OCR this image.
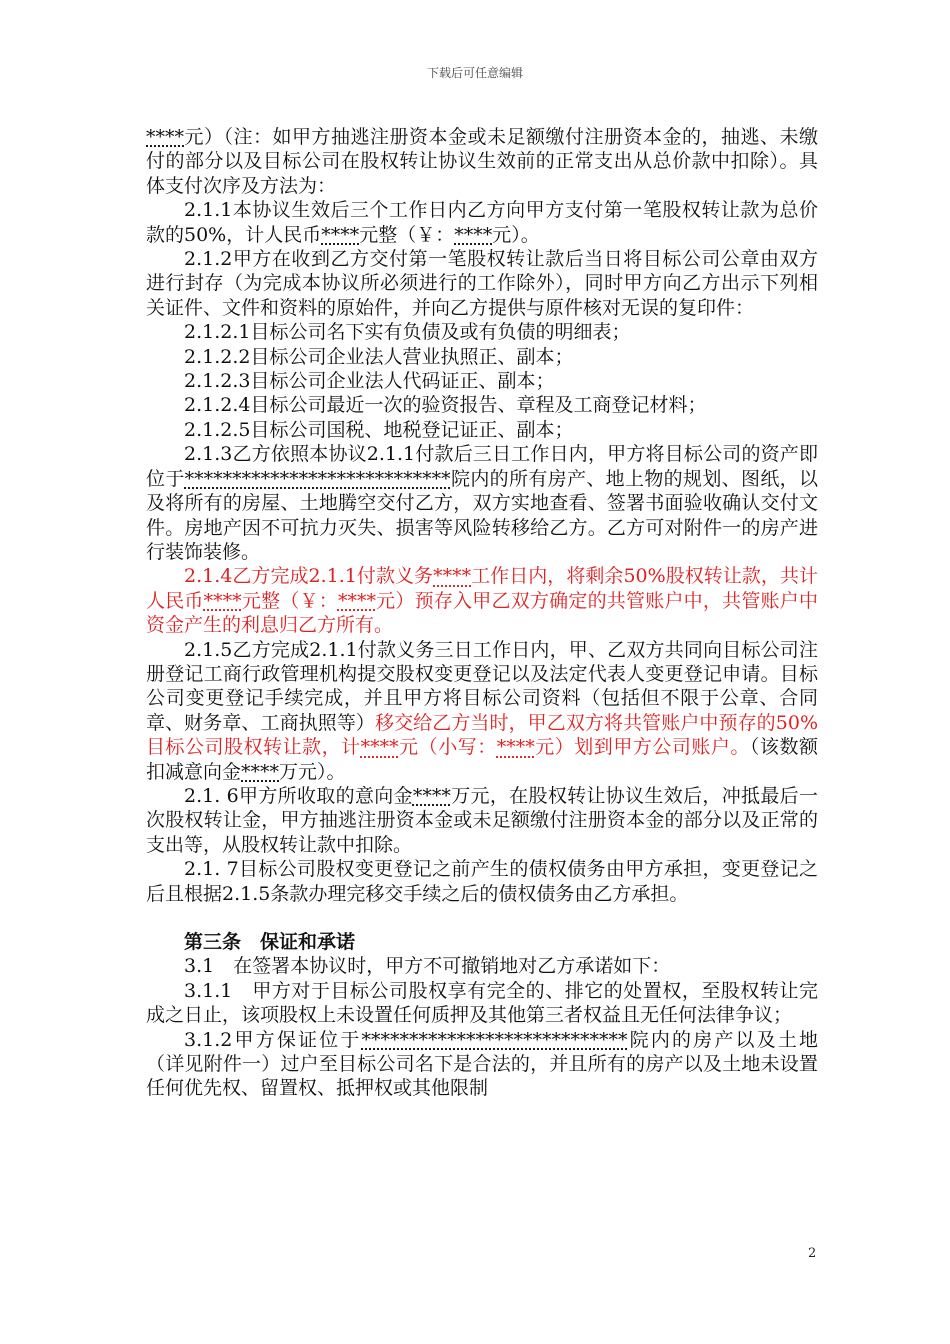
下载后可任意编辑

****元）（注：如甲方抽逃注册资本金或未足额缴付注册资本金的，抽逃、未缴付的部分以及目标公司在股权转让协议生效前的正常支出从总价款中扣除）。具体支付次序及方法为：

2.1.1本协议生效后三个工作日内乙方向甲方支付第一笔股权转让款为总价款的50%，计人民币****元整（￥：****元）。

2.1.2甲方在收到乙方交付第一笔股权转让款后当日将目标公司公章由双方进行封存（为完成本协议所必须进行的工作除外），同时甲方向乙方出示下列相关证件、文件和资料的原始件，并向乙方提供与原件核对无误的复印件：

2.1.2.1目标公司名下实有负债及或有负债的明细表；

2.1.2.2目标公司企业法人营业执照正、副本；

2.1.2.3目标公司企业法人代码证正、副本；

2.1.2.4目标公司最近一次的验资报告、章程及工商登记材料；

2.1.2.5目标公司国税、地税登记证正、副本；

2.1.3乙方依照本协议2.1.1付款后三日工作日内，甲方将目标公司的资产即位于****************************院内的所有房产、地上物的规划、图纸，以及将所有的房屋、土地腾空交付乙方，双方实地查看、签署书面验收确认交付文件。房地产因不可抗力灭失、损害等风险转移给乙方。乙方可对附件一的房产进行装饰装修。

2.1.4乙方完成2.1.1付款义务****工作日内，将剩余50%股权转让款，共计人民币****元整（￥：****元）预存入甲乙双方确定的共管账户中，共管账户中资金产生的利息归乙方所有。

2.1.5乙方完成2.1.1付款义务三日工作日内，甲、乙双方共同向目标公司注册登记工商行政管理机构提交股权变更登记以及法定代表人变更登记申请。目标公司变更登记手续完成，并且甲方将目标公司资料（包括但不限于公章、合同章、财务章、工商执照等）移交给乙方当时，甲乙双方将共管账户中预存的50%目标公司股权转让款，计****元（小写：****元）划到甲方公司账户。（该数额扣减意向金****万元）。

2.1. 6甲方所收取的意向金****万元，在股权转让协议生效后，冲抵最后一次股权转让金，甲方抽逃注册资本金或未足额缴付注册资本金的部分以及正常的支出等，从股权转让款中扣除。

2.1. 7目标公司股权变更登记之前产生的债权债务由甲方承担，变更登记之后且根据2.1.5条款办理完移交手续之后的债权债务由乙方承担。

第三条　保证和承诺

3.1　在签署本协议时，甲方不可撤销地对乙方承诺如下：

3.1.1　甲方对于目标公司股权享有完全的、排它的处置权，至股权转让完成之日止，该项股权上未设置任何质押及其他第三者权益且无任何法律争议；

3.1.2甲方保证位于****************************院内的房产以及土地（详见附件一）过户至目标公司名下是合法的，并且所有的房产以及土地未设置任何优先权、留置权、抵押权或其他限制

2
